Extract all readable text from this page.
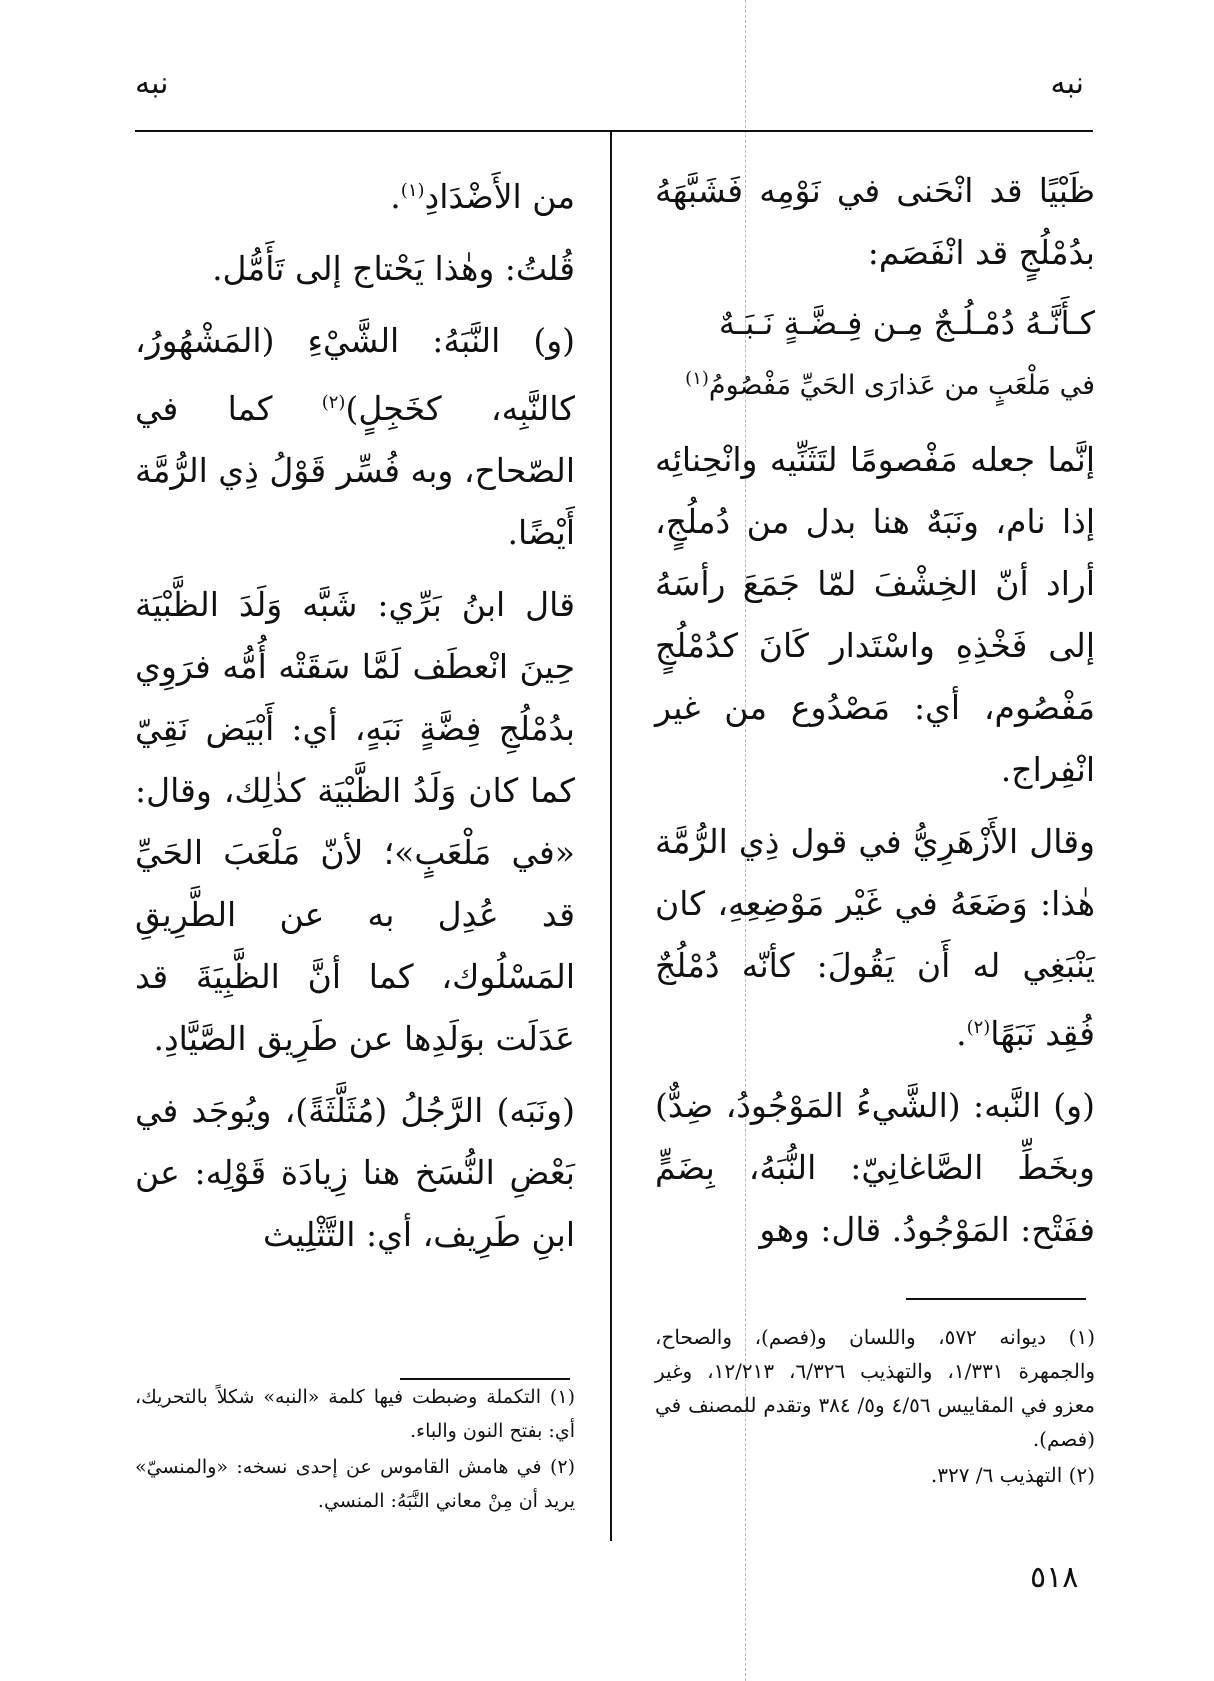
نبه
نبه

ظَبْيًا قد انْحَنى في نَوْمِه فَشَبَّهَهُ بدُمْلُجٍ قد انْفَصَم:

كـأَنَّـهُ دُمْـلُـجٌ مِـن فِـضَّـةٍ نَـبَـهٌ

في مَلْعَبٍ من عَذارَى الحَيِّ مَفْصُومُ$^{(١)}$

إنَّما جعله مَفْصومًا لتَثَنِّيه وانْحِنائِه إذا نام، ونَبَهٌ هنا بدل من دُملُجٍ، أراد أنّ الخِشْفَ لمّا جَمَعَ رأسَهُ إلى فَخْذِهِ واسْتَدار كَانَ كدُمْلُجٍ مَفْصُوم، أي: مَصْدُوع من غير انْفِراج.

وقال الأَزْهَرِيُّ في قول ذِي الرُّمَّة هٰذا: وَضَعَهُ في غَيْر مَوْضِعِهِ، كان يَنْبَغِي له أَن يَقُولَ: كأنّه دُمْلُجٌ فُقِد نَبَهًا$^{(٢)}$.

(و) النَّبه: (الشَّيءُ المَوْجُودُ، ضِدٌّ) وبخَطِّ الصَّاغانِيّ: النُّبَهُ، بِضَمٍّ ففَتْح: المَوْجُودُ. قال: وهو

من الأَضْدَادِ$^{(١)}$.

قُلتُ: وهٰذا يَحْتاج إلى تَأَمُّل.

(و) النَّبَهُ: الشَّيْءِ (المَشْهُورُ، كالنَّبِه، كخَجِلٍ)$^{(٢)}$ كما في الصّحاح، وبه فُسِّر قَوْلُ ذِي الرُّمَّة أَيْضًا.

قال ابنُ بَرِّي: شَبَّه وَلَدَ الظَّبْيَة حِينَ انْعطَف لَمَّا سَقَتْه أُمُّه فرَوِي بدُمْلُجِ فِضَّةٍ نَبَهٍ، أي: أَبْيَض نَقِيّ كما كان وَلَدُ الظَّبْيَة كذٰلِك، وقال: «في مَلْعَبٍ»؛ لأنّ مَلْعَبَ الحَيِّ قد عُدِل به عن الطَّرِيقِ المَسْلُوك، كما أنَّ الظَّبِيَةَ قد عَدَلَت بوَلَدِها عن طَرِيق الصَّيَّادِ.

(ونَبَه) الرَّجُلُ (مُثَلَّثَةً)، ويُوجَد في بَعْضِ النُّسَخ هنا زِيادَة قَوْلِه: عن ابنِ طَرِيف، أي: التَّثْلِيث

(١) ديوانه ٥٧٢، واللسان و(فصم)، والصحاح، والجمهرة ١/٣٣١، والتهذيب ٦/٣٢٦، ١٢/٢١٣، وغير معزو في المقاييس ٤/٥٦ و٥/ ٣٨٤ وتقدم للمصنف في (فصم).

(٢) التهذيب ٦/ ٣٢٧.

(١) التكملة وضبطت فيها كلمة «النبه» شكلاً بالتحريك، أي: بفتح النون والباء.

(٢) في هامش القاموس عن إحدى نسخه: «والمنسيّ» يريد أن مِنْ معاني النَّبَهُ: المنسي.

٥١٨
